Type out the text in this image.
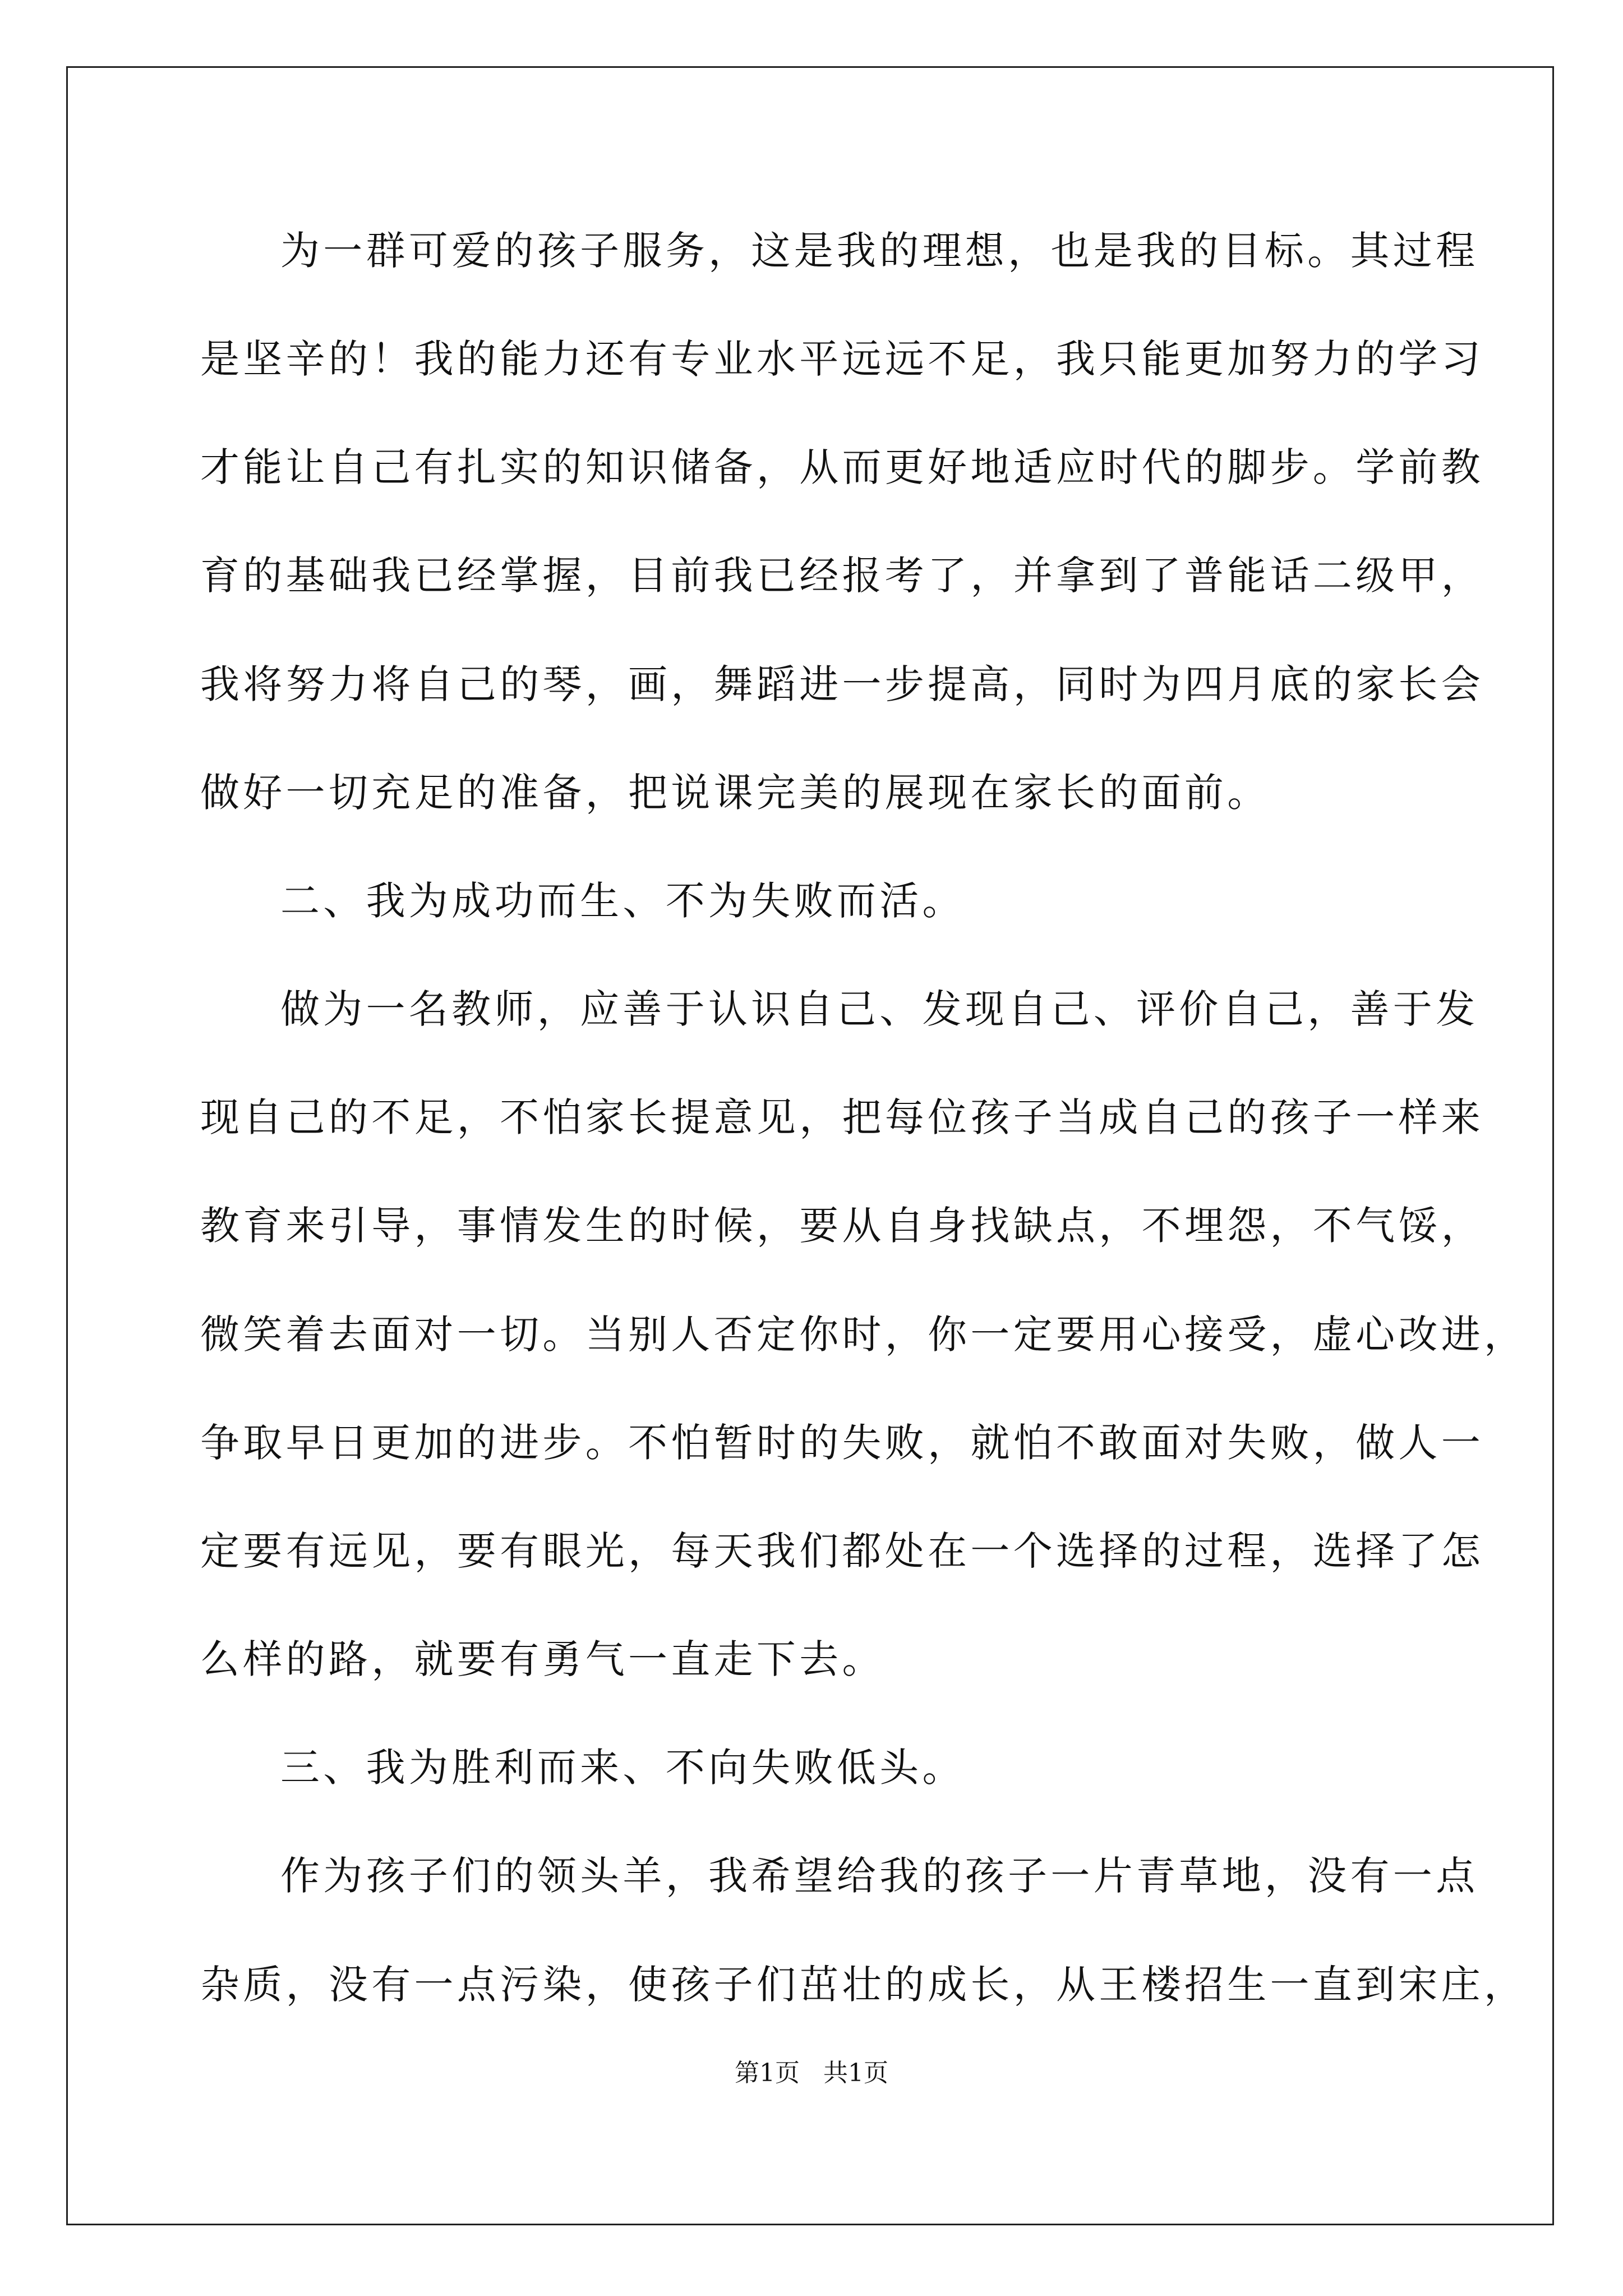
为一群可爱的孩子服务，这是我的理想，也是我的目标。其过程
是坚辛的！我的能力还有专业水平远远不足，我只能更加努力的学习
才能让自己有扎实的知识储备，从而更好地适应时代的脚步。学前教
育的基础我已经掌握，目前我已经报考了，并拿到了普能话二级甲，
我将努力将自己的琴，画，舞蹈进一步提高，同时为四月底的家长会
做好一切充足的准备，把说课完美的展现在家长的面前。
二、我为成功而生、不为失败而活。
做为一名教师，应善于认识自己、发现自己、评价自己，善于发
现自己的不足，不怕家长提意见，把每位孩子当成自己的孩子一样来
教育来引导，事情发生的时候，要从自身找缺点，不埋怨，不气馁，
微笑着去面对一切。当别人否定你时，你一定要用心接受，虚心改进，
争取早日更加的进步。不怕暂时的失败，就怕不敢面对失败，做人一
定要有远见，要有眼光，每天我们都处在一个选择的过程，选择了怎
么样的路，就要有勇气一直走下去。
三、我为胜利而来、不向失败低头。
作为孩子们的领头羊，我希望给我的孩子一片青草地，没有一点
杂质，没有一点污染，使孩子们茁壮的成长，从王楼招生一直到宋庄，
第1页   共1页
